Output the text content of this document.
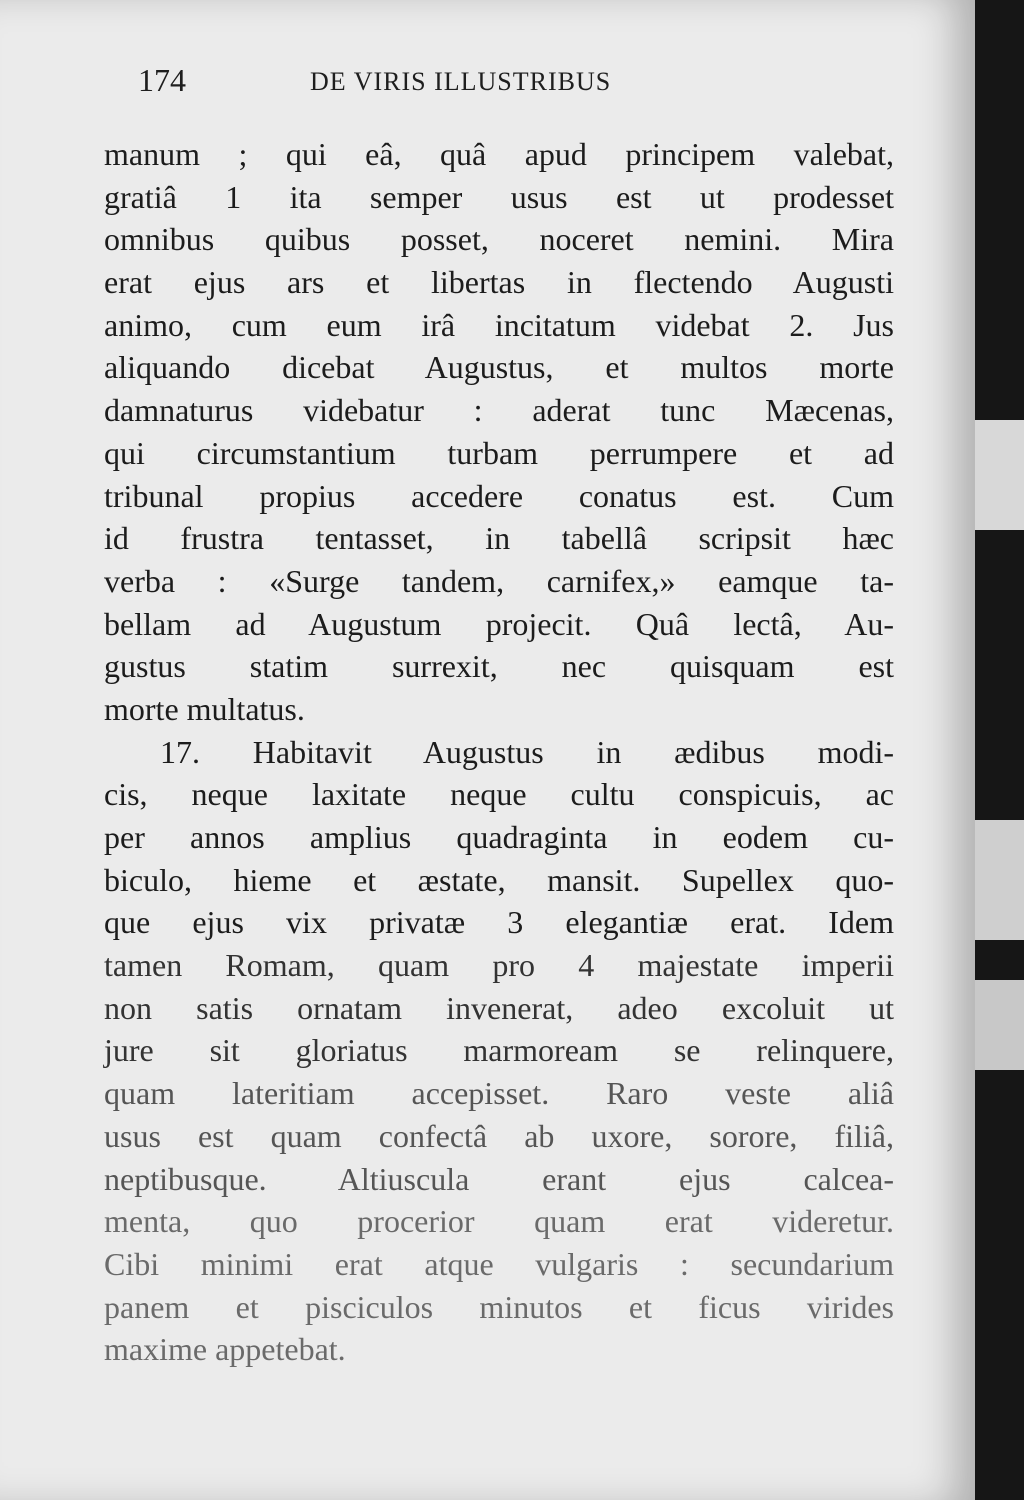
174	DE VIRIS ILLUSTRIBUS
manum ; qui eâ, quâ apud principem valebat,
gratiâ 1 ita semper usus est ut prodesset
omnibus quibus posset, noceret nemini. Mira
erat ejus ars et libertas in flectendo Augusti
animo, cum eum irâ incitatum videbat 2. Jus
aliquando dicebat Augustus, et multos morte
damnaturus videbatur : aderat tunc Mæcenas,
qui circumstantium turbam perrumpere et ad
tribunal propius accedere conatus est. Cum
id frustra tentasset, in tabellâ scripsit hæc
verba : «Surge tandem, carnifex,» eamque ta-
bellam ad Augustum projecit. Quâ lectâ, Au-
gustus statim surrexit, nec quisquam est
morte multatus.
17. Habitavit Augustus in ædibus modi-
cis, neque laxitate neque cultu conspicuis, ac
per annos amplius quadraginta in eodem cu-
biculo, hieme et æstate, mansit. Supellex quo-
que ejus vix privatæ 3 elegantiæ erat. Idem
tamen Romam, quam pro 4 majestate imperii
non satis ornatam invenerat, adeo excoluit ut
jure sit gloriatus marmoream se relinquere,
quam lateritiam accepisset. Raro veste aliâ
usus est quam confectâ ab uxore, sorore, filiâ,
neptibusque. Altiuscula erant ejus calcea-
menta, quo procerior quam erat videretur.
Cibi minimi erat atque vulgaris : secundarium
panem et pisciculos minutos et ficus virides
maxime appetebat.
